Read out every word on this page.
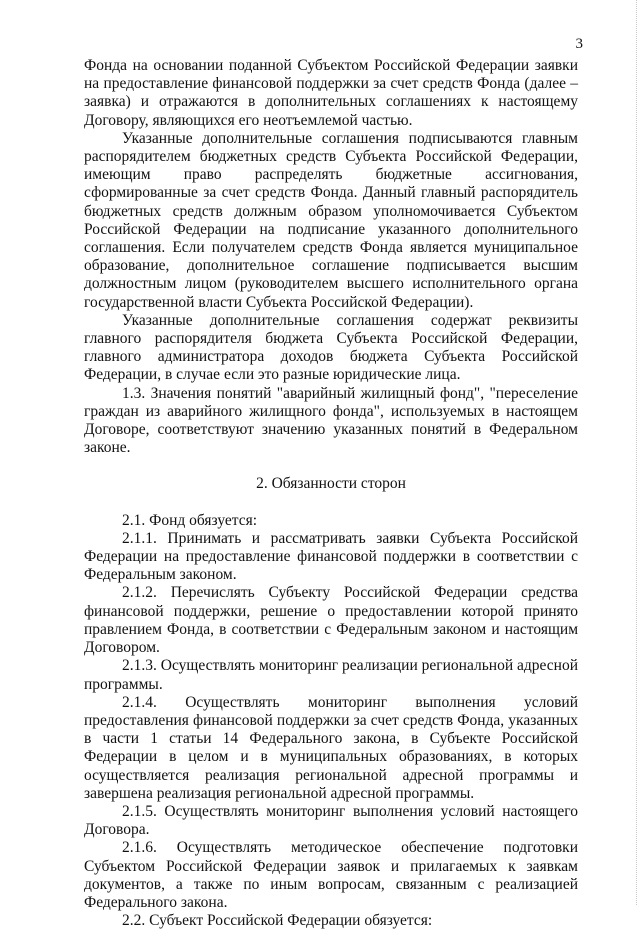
3

Фонда на основании поданной Субъектом Российской Федерации заявки на предоставление финансовой поддержки за счет средств Фонда (далее – заявка) и отражаются в дополнительных соглашениях к настоящему Договору, являющихся его неотъемлемой частью.

Указанные дополнительные соглашения подписываются главным распорядителем бюджетных средств Субъекта Российской Федерации, имеющим право распределять бюджетные ассигнования, сформированные за счет средств Фонда. Данный главный распорядитель бюджетных средств должным образом уполномочивается Субъектом Российской Федерации на подписание указанного дополнительного соглашения. Если получателем средств Фонда является муниципальное образование, дополнительное соглашение подписывается высшим должностным лицом (руководителем высшего исполнительного органа государственной власти Субъекта Российской Федерации).

Указанные дополнительные соглашения содержат реквизиты главного распорядителя бюджета Субъекта Российской Федерации, главного администратора доходов бюджета Субъекта Российской Федерации, в случае если это разные юридические лица.

1.3. Значения понятий "аварийный жилищный фонд", "переселение граждан из аварийного жилищного фонда", используемых в настоящем Договоре, соответствуют значению указанных понятий в Федеральном законе.

2. Обязанности сторон

2.1. Фонд обязуется:

2.1.1. Принимать и рассматривать заявки Субъекта Российской Федерации на предоставление финансовой поддержки в соответствии с Федеральным законом.

2.1.2. Перечислять Субъекту Российской Федерации средства финансовой поддержки, решение о предоставлении которой принято правлением Фонда, в соответствии с Федеральным законом и настоящим Договором.

2.1.3. Осуществлять мониторинг реализации региональной адресной программы.

2.1.4. Осуществлять мониторинг выполнения условий предоставления финансовой поддержки за счет средств Фонда, указанных в части 1 статьи 14 Федерального закона, в Субъекте Российской Федерации в целом и в муниципальных образованиях, в которых осуществляется реализация региональной адресной программы и завершена реализация региональной адресной программы.

2.1.5. Осуществлять мониторинг выполнения условий настоящего Договора.

2.1.6. Осуществлять методическое обеспечение подготовки Субъектом Российской Федерации заявок и прилагаемых к заявкам документов, а также по иным вопросам, связанным с реализацией Федерального закона.

2.2. Субъект Российской Федерации обязуется:
